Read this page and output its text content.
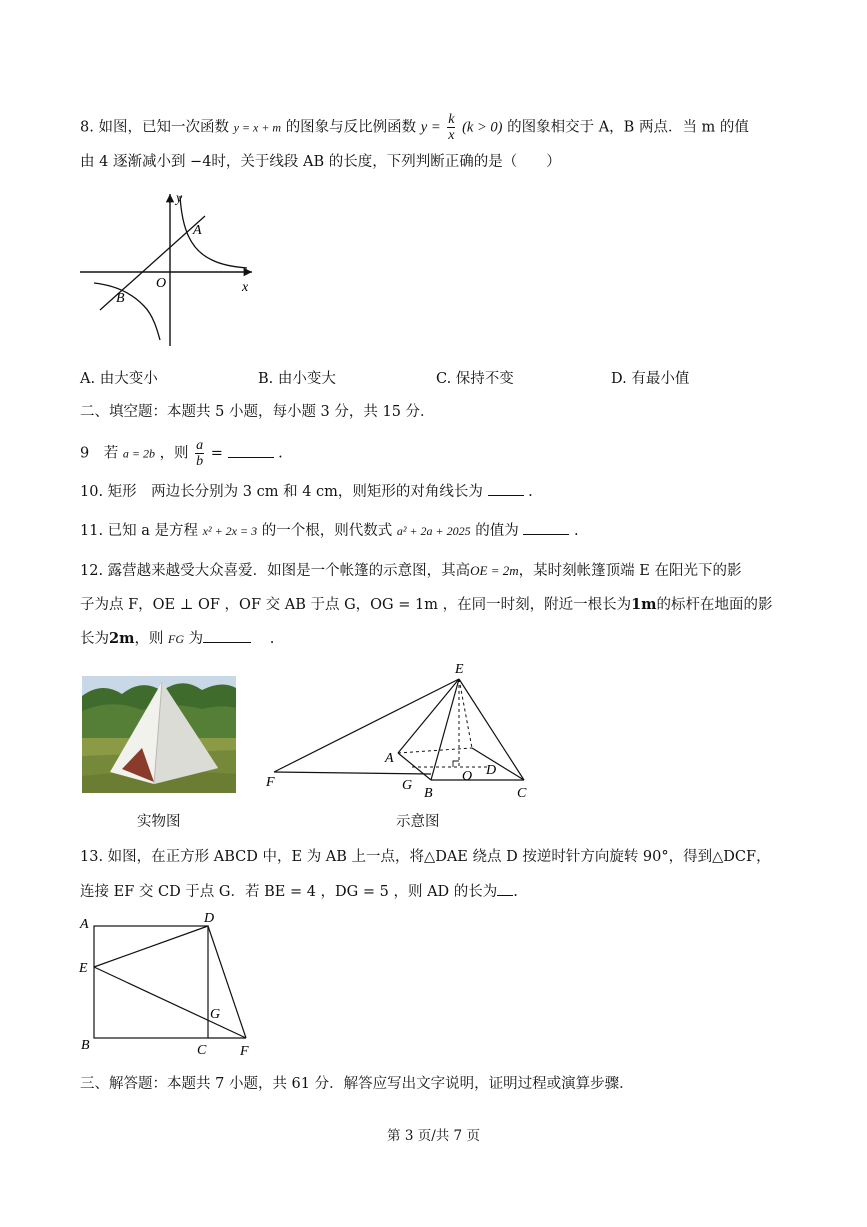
8. 如图，已知一次函数 y = x + m 的图象与反比例函数 $y = \frac{k}{x} (k > 0)$ 的图象相交于 A，B 两点．当 m 的值
由 4 逐渐减小到 −4时，关于线段 AB 的长度，下列判断正确的是（　　）
y
x
O
A
B
A. 由大变小	B. 由小变大	C. 保持不变	D. 有最小值
二、填空题：本题共 5 小题，每小题 3 分，共 15 分．
9　若 a = 2b ，则 $\frac{a}{b}$ =	.
10. 矩形　两边长分别为 3 cm 和 4 cm，则矩形的对角线长为	.
11. 已知 a 是方程 x² + 2x = 3 的一个根，则代数式 a² + 2a + 2025 的值为	.
12. 露营越来越受大众喜爱．如图是一个帐篷的示意图，其高OE = 2m，某时刻帐篷顶端 E 在阳光下的影
子为点 F，OE ⊥ OF ，OF 交 AB 于点 G，OG = 1m ，在同一时刻，附近一根长为1m的标杆在地面的影
长为2m，则 FG 为	.
实物图
E
A
G
O D
F
B	C
示意图
13. 如图，在正方形 ABCD 中，E 为 AB 上一点，将△DAE 绕点 D 按逆时针方向旋转 90°，得到△DCF，
连接 EF 交 CD 于点 G．若 BE = 4 ，DG = 5 ，则 AD 的长为 .
A	D
E
G
B	C F
三、解答题：本题共 7 小题，共 61 分．解答应写出文字说明，证明过程或演算步骤．
第 3 页/共 7 页
